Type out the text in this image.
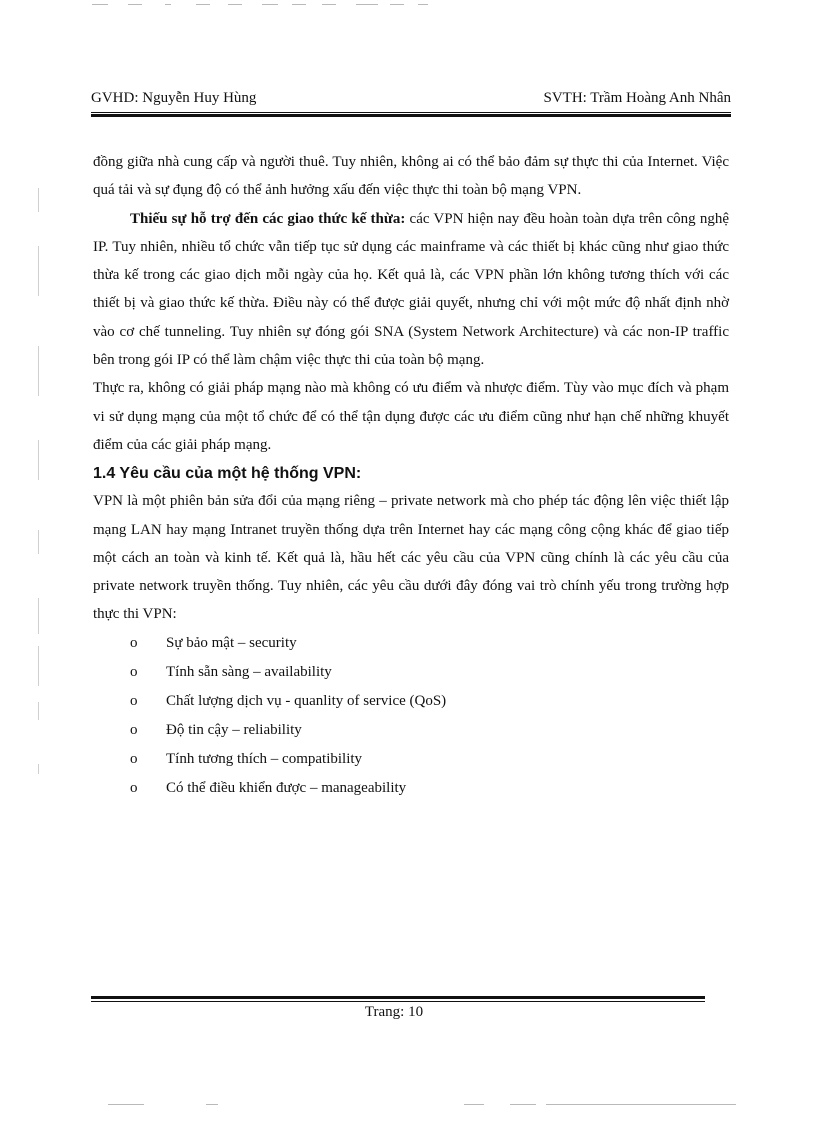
GVHD: Nguyễn Huy Hùng	SVTH: Trầm Hoàng Anh Nhân

đồng giữa nhà cung cấp và người thuê. Tuy nhiên, không ai có thể bảo đảm sự thực thi của Internet. Việc quá tải và sự đụng độ có thể ảnh hưởng xấu đến việc thực thi toàn bộ mạng VPN.

Thiếu sự hỗ trợ đến các giao thức kế thừa: các VPN hiện nay đều hoàn toàn dựa trên công nghệ IP. Tuy nhiên, nhiều tổ chức vẫn tiếp tục sử dụng các mainframe và các thiết bị khác cũng như giao thức thừa kế trong các giao dịch mỗi ngày của họ. Kết quả là, các VPN phần lớn không tương thích với các thiết bị và giao thức kế thừa. Điều này có thể được giải quyết, nhưng chỉ với một mức độ nhất định nhờ vào cơ chế tunneling. Tuy nhiên sự đóng gói SNA (System Network Architecture) và các non-IP traffic bên trong gói IP có thể làm chậm việc thực thi của toàn bộ mạng.

Thực ra, không có giải pháp mạng nào mà không có ưu điểm và nhược điểm. Tùy vào mục đích và phạm vi sử dụng mạng của một tổ chức để có thể tận dụng được các ưu điểm cũng như hạn chế những khuyết điểm của các giải pháp mạng.

1.4 Yêu cầu của một hệ thống VPN:

VPN là một phiên bản sửa đổi của mạng riêng – private network mà cho phép tác động lên việc thiết lập mạng LAN hay mạng Intranet truyền thống dựa trên Internet hay các mạng công cộng khác để giao tiếp một cách an toàn và kinh tế. Kết quả là, hầu hết các yêu cầu của VPN cũng chính là các yêu cầu của private network truyền thống. Tuy nhiên, các yêu cầu dưới đây đóng vai trò chính yếu trong trường hợp thực thi VPN:

o Sự bảo mật – security
o Tính sẵn sàng – availability
o Chất lượng dịch vụ - quanlity of service (QoS)
o Độ tin cậy – reliability
o Tính tương thích – compatibility
o Có thể điều khiển được – manageability
Trang: 10
